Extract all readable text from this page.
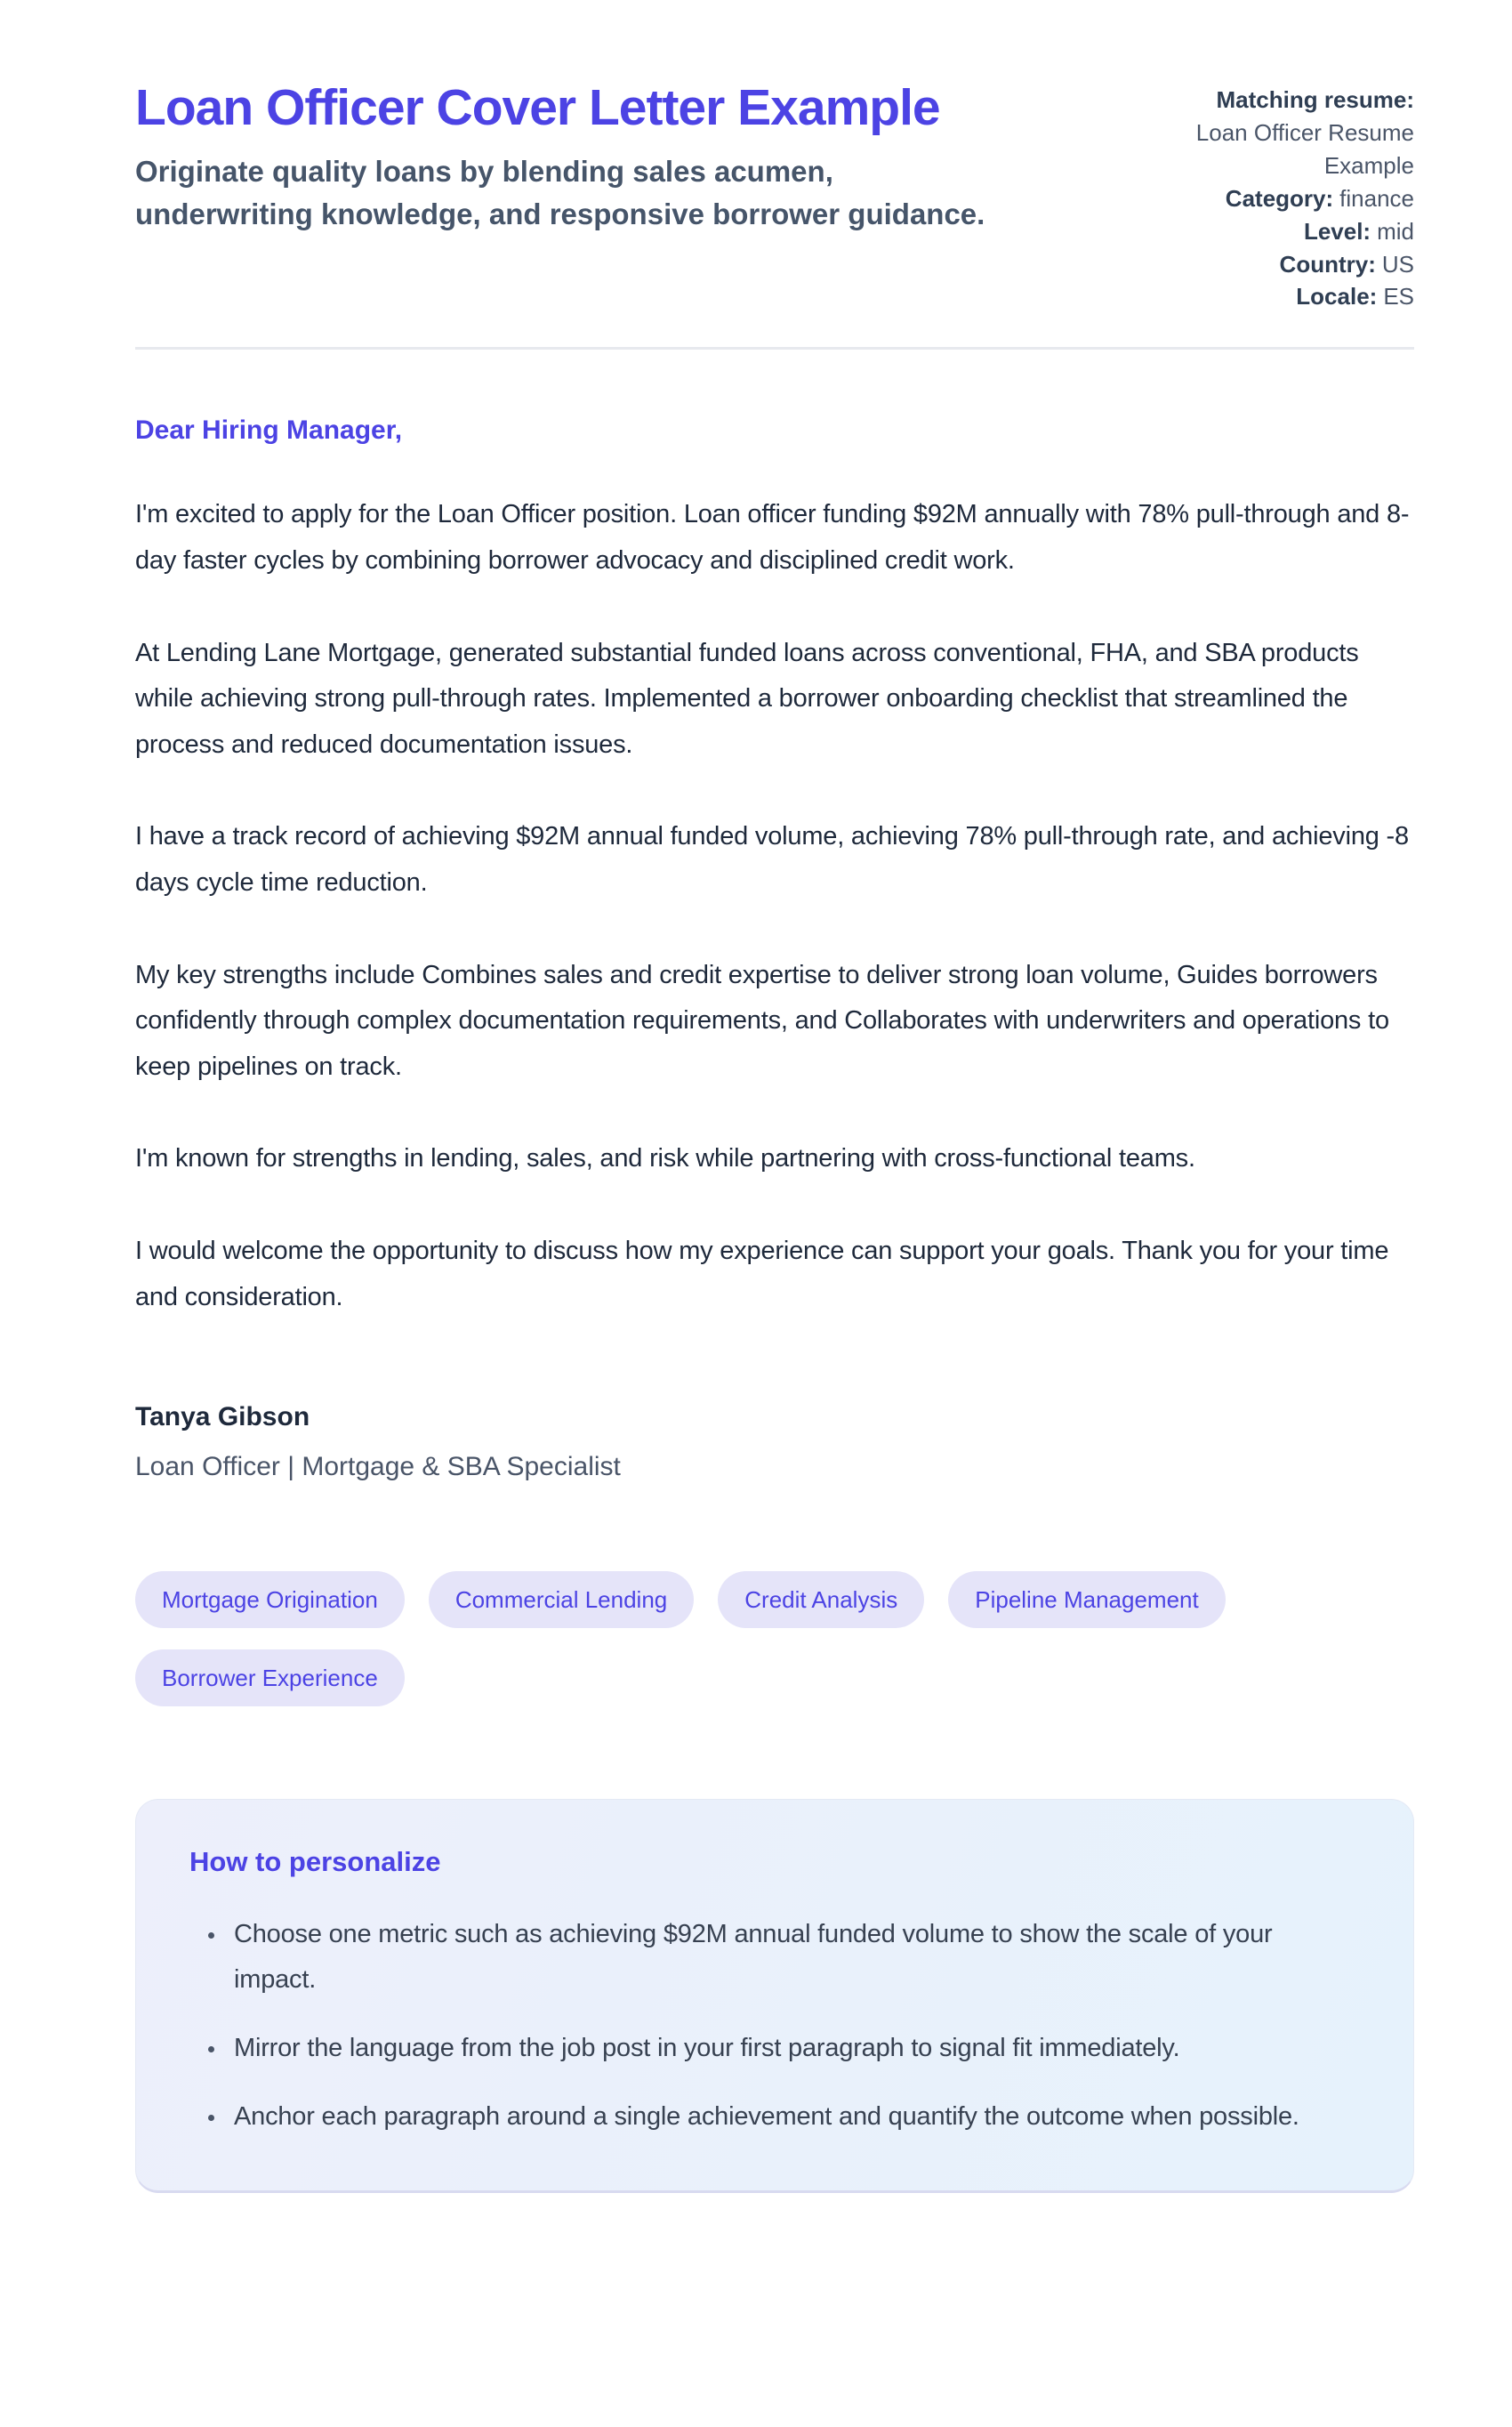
Loan Officer Cover Letter Example

Originate quality loans by blending sales acumen, underwriting knowledge, and responsive borrower guidance.

Matching resume:
Loan Officer Resume Example
Category: finance
Level: mid
Country: US
Locale: ES

Dear Hiring Manager,

I'm excited to apply for the Loan Officer position. Loan officer funding $92M annually with 78% pull-through and 8-day faster cycles by combining borrower advocacy and disciplined credit work.

At Lending Lane Mortgage, generated substantial funded loans across conventional, FHA, and SBA products while achieving strong pull-through rates. Implemented a borrower onboarding checklist that streamlined the process and reduced documentation issues.

I have a track record of achieving $92M annual funded volume, achieving 78% pull-through rate, and achieving -8 days cycle time reduction.

My key strengths include Combines sales and credit expertise to deliver strong loan volume, Guides borrowers confidently through complex documentation requirements, and Collaborates with underwriters and operations to keep pipelines on track.

I'm known for strengths in lending, sales, and risk while partnering with cross-functional teams.

I would welcome the opportunity to discuss how my experience can support your goals. Thank you for your time and consideration.

Tanya Gibson

Loan Officer | Mortgage & SBA Specialist

Mortgage Origination	Commercial Lending	Credit Analysis	Pipeline Management
Borrower Experience
How to personalize
• Choose one metric such as achieving $92M annual funded volume to show the scale of your impact.
• Mirror the language from the job post in your first paragraph to signal fit immediately.
• Anchor each paragraph around a single achievement and quantify the outcome when possible.
